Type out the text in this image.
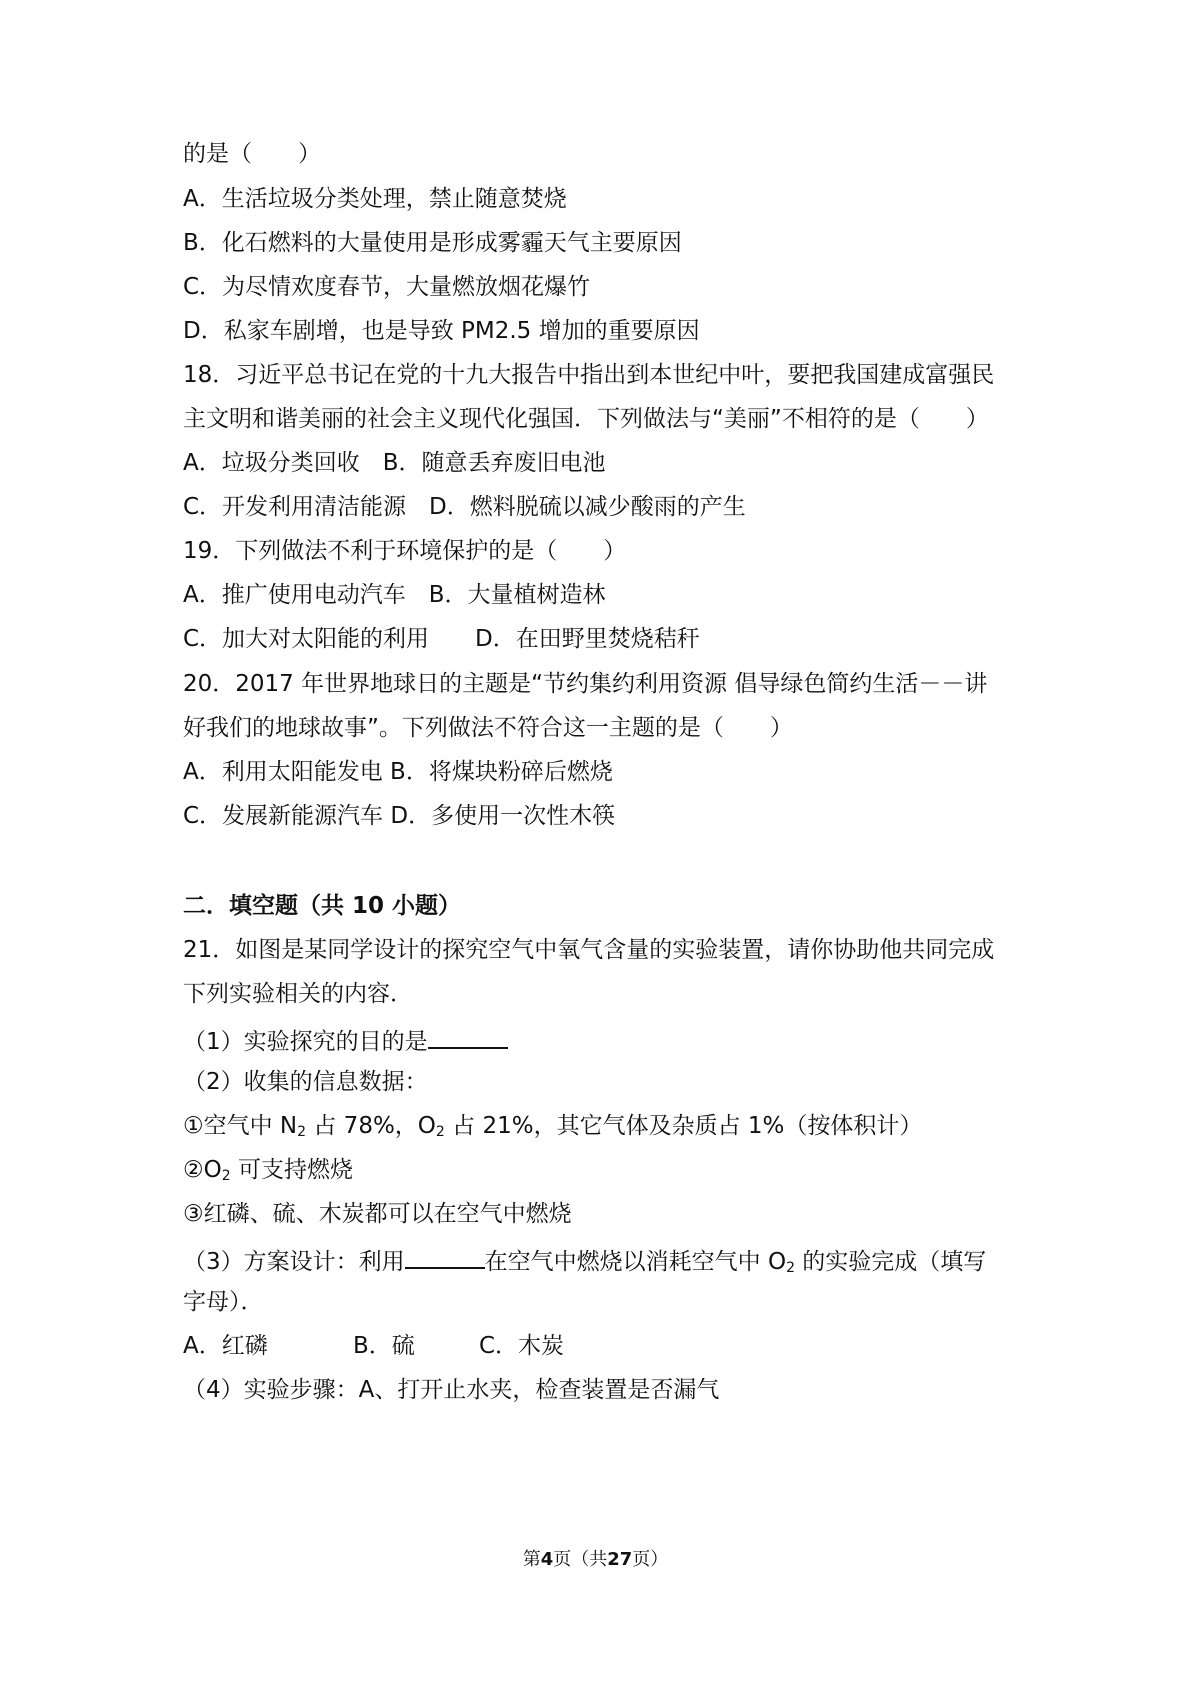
的是（　　）

A．生活垃圾分类处理，禁止随意焚烧

B．化石燃料的大量使用是形成雾霾天气主要原因

C．为尽情欢度春节，大量燃放烟花爆竹

D．私家车剧增，也是导致 PM2.5 增加的重要原因

18．习近平总书记在党的十九大报告中指出到本世纪中叶，要把我国建成富强民

主文明和谐美丽的社会主义现代化强国．下列做法与“美丽”不相符的是（　　）

A．垃圾分类回收　B．随意丢弃废旧电池

C．开发利用清洁能源　D．燃料脱硫以减少酸雨的产生

19．下列做法不利于环境保护的是（　　）

A．推广使用电动汽车　B．大量植树造林

C．加大对太阳能的利用　　D．在田野里焚烧秸秆

20．2017 年世界地球日的主题是“节约集约利用资源 倡导绿色简约生活－－讲

好我们的地球故事”。下列做法不符合这一主题的是（　　）

A．利用太阳能发电 B．将煤块粉碎后燃烧

C．发展新能源汽车 D．多使用一次性木筷

二．填空题（共 10 小题）

21．如图是某同学设计的探究空气中氧气含量的实验装置，请你协助他共同完成

下列实验相关的内容．

（1）实验探究的目的是

（2）收集的信息数据：

①空气中 $N_2$ 占 78%，$O_2$ 占 21%，其它气体及杂质占 1%（按体积计）

$②O_2$ 可支持燃烧

③红磷、硫、木炭都可以在空气中燃烧

（3）方案设计：利用	在空气中燃烧以消耗空气中 $O_2$ 的实验完成（填写

字母）．

A．红磷	B．硫	C．木炭

（4）实验步骤：A、打开止水夹，检查装置是否漏气

第4页（共27页）
